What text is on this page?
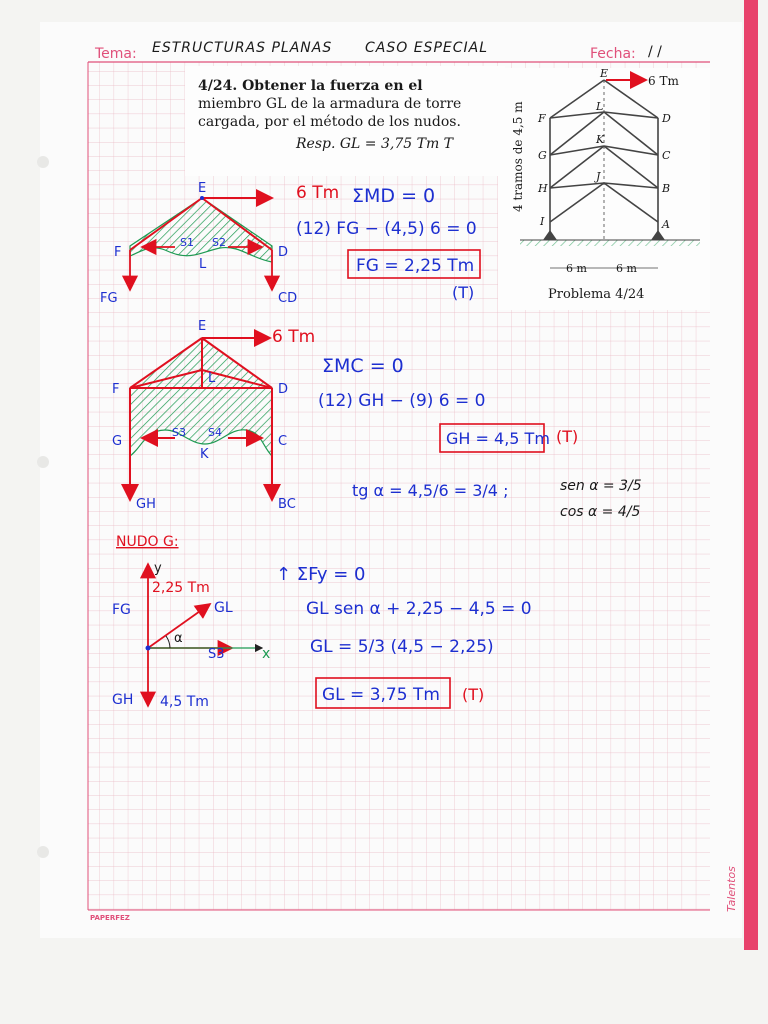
Tema: ESTRUCTURAS PLANAS CASO ESPECIAL	Fecha: / /
4/24. Obtener la fuerza en el
miembro GL de la armadura de torre
cargada, por el método de los nudos.
Resp. GL = 3,75 Tm T
6 Tm
E
L
F	D
G
K
C
H
J
B
I	A
4 tramos de 4,5 m
6 m	6 m
Problema 4/24
E
F	D
L
S1 S2
FG	CD
6 Tm ΣMD = 0
(12) FG − (4,5) 6 = 0
FG = 2,25 Tm
(T)
E
F	D
L
G	C
K
S3 S4
GH	BC
6 Tm
ΣMC = 0
(12) GH − (9) 6 = 0
GH = 4,5 Tm (T)
tg α = 4,5/6 = 3/4 ;	sen α = 3/5
cos α = 4/5
NUDO G:
y
x
2,25 Tm
FG	GL
α
S3
GH 4,5 Tm
↑ ΣFy = 0
GL sen α + 2,25 − 4,5 = 0
GL = 5/3 (4,5 − 2,25)
GL = 3,75 Tm (T)
PAPERFEZ
Talentos
